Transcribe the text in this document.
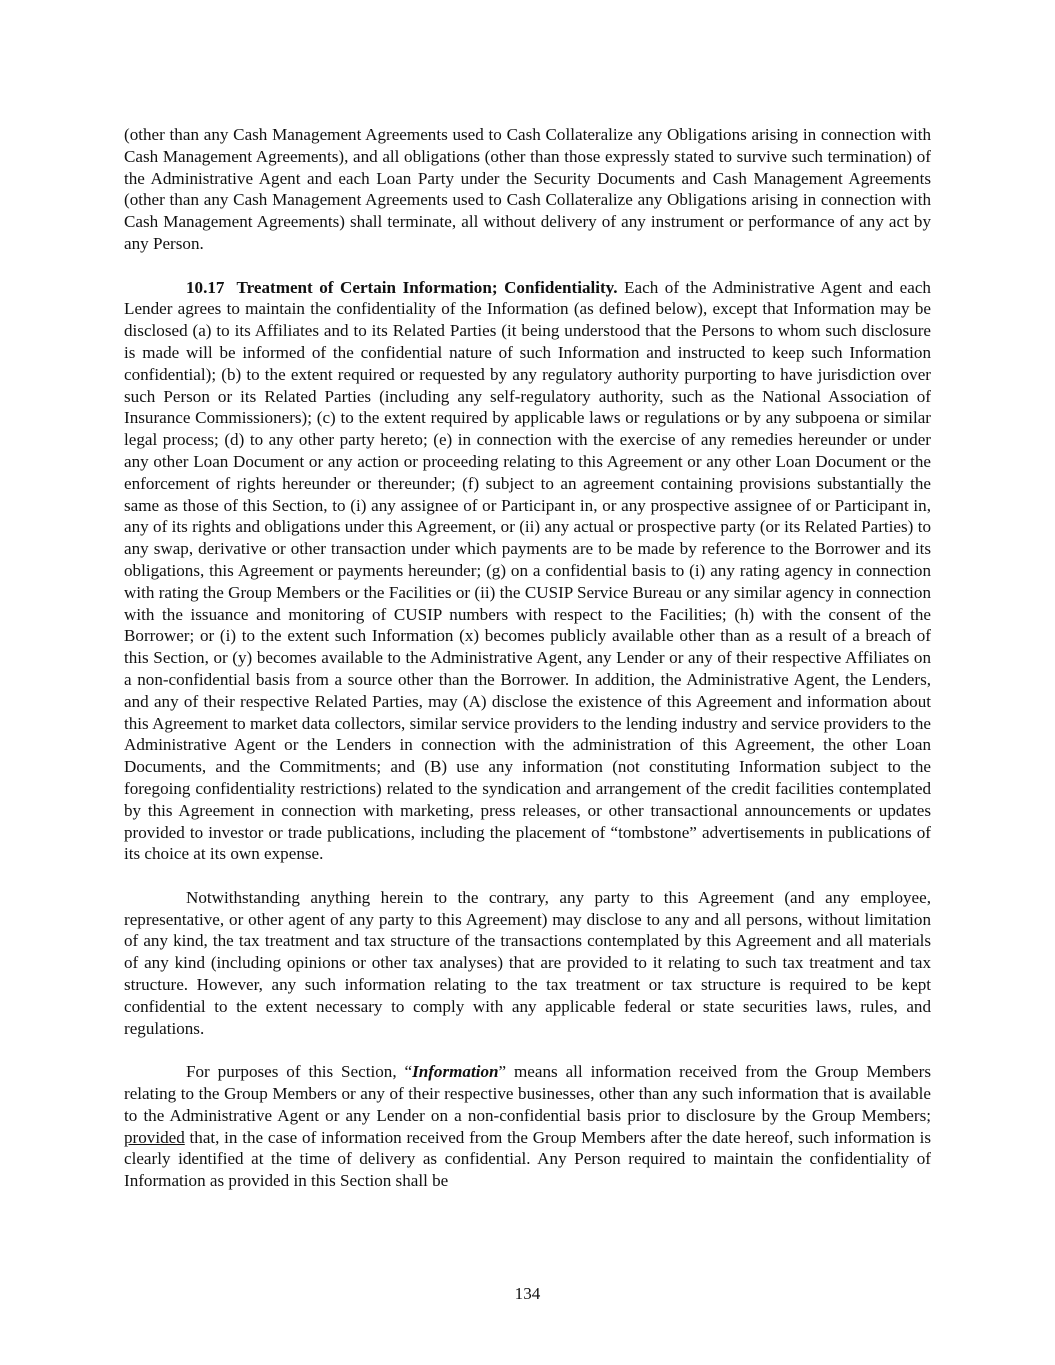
(other than any Cash Management Agreements used to Cash Collateralize any Obligations arising in connection with Cash Management Agreements), and all obligations (other than those expressly stated to survive such termination) of the Administrative Agent and each Loan Party under the Security Documents and Cash Management Agreements (other than any Cash Management Agreements used to Cash Collateralize any Obligations arising in connection with Cash Management Agreements) shall terminate, all without delivery of any instrument or performance of any act by any Person.

10.17 Treatment of Certain Information; Confidentiality. Each of the Administrative Agent and each Lender agrees to maintain the confidentiality of the Information (as defined below), except that Information may be disclosed (a) to its Affiliates and to its Related Parties (it being understood that the Persons to whom such disclosure is made will be informed of the confidential nature of such Information and instructed to keep such Information confidential); (b) to the extent required or requested by any regulatory authority purporting to have jurisdiction over such Person or its Related Parties (including any self-regulatory authority, such as the National Association of Insurance Commissioners); (c) to the extent required by applicable laws or regulations or by any subpoena or similar legal process; (d) to any other party hereto; (e) in connection with the exercise of any remedies hereunder or under any other Loan Document or any action or proceeding relating to this Agreement or any other Loan Document or the enforcement of rights hereunder or thereunder; (f) subject to an agreement containing provisions substantially the same as those of this Section, to (i) any assignee of or Participant in, or any prospective assignee of or Participant in, any of its rights and obligations under this Agreement, or (ii) any actual or prospective party (or its Related Parties) to any swap, derivative or other transaction under which payments are to be made by reference to the Borrower and its obligations, this Agreement or payments hereunder; (g) on a confidential basis to (i) any rating agency in connection with rating the Group Members or the Facilities or (ii) the CUSIP Service Bureau or any similar agency in connection with the issuance and monitoring of CUSIP numbers with respect to the Facilities; (h) with the consent of the Borrower; or (i) to the extent such Information (x) becomes publicly available other than as a result of a breach of this Section, or (y) becomes available to the Administrative Agent, any Lender or any of their respective Affiliates on a non-confidential basis from a source other than the Borrower. In addition, the Administrative Agent, the Lenders, and any of their respective Related Parties, may (A) disclose the existence of this Agreement and information about this Agreement to market data collectors, similar service providers to the lending industry and service providers to the Administrative Agent or the Lenders in connection with the administration of this Agreement, the other Loan Documents, and the Commitments; and (B) use any information (not constituting Information subject to the foregoing confidentiality restrictions) related to the syndication and arrangement of the credit facilities contemplated by this Agreement in connection with marketing, press releases, or other transactional announcements or updates provided to investor or trade publications, including the placement of “tombstone” advertisements in publications of its choice at its own expense.

Notwithstanding anything herein to the contrary, any party to this Agreement (and any employee, representative, or other agent of any party to this Agreement) may disclose to any and all persons, without limitation of any kind, the tax treatment and tax structure of the transactions contemplated by this Agreement and all materials of any kind (including opinions or other tax analyses) that are provided to it relating to such tax treatment and tax structure. However, any such information relating to the tax treatment or tax structure is required to be kept confidential to the extent necessary to comply with any applicable federal or state securities laws, rules, and regulations.

For purposes of this Section, “Information” means all information received from the Group Members relating to the Group Members or any of their respective businesses, other than any such information that is available to the Administrative Agent or any Lender on a non-confidential basis prior to disclosure by the Group Members; provided that, in the case of information received from the Group Members after the date hereof, such information is clearly identified at the time of delivery as confidential. Any Person required to maintain the confidentiality of Information as provided in this Section shall be

134
